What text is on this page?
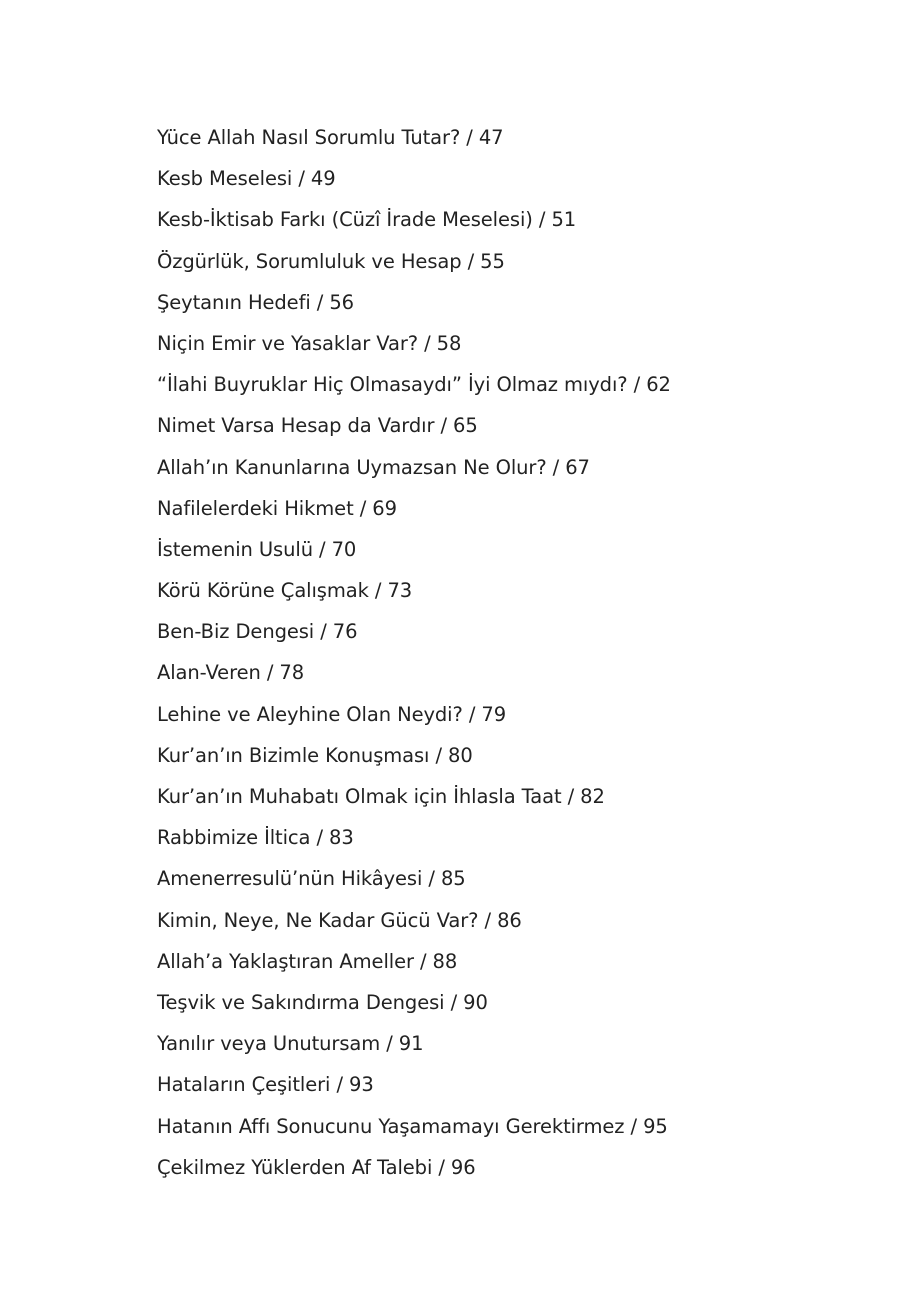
Yüce Allah Nasıl Sorumlu Tutar? / 47
Kesb Meselesi / 49
Kesb-İktisab Farkı (Cüzî İrade Meselesi) / 51
Özgürlük, Sorumluluk ve Hesap / 55
Şeytanın Hedefi / 56
Niçin Emir ve Yasaklar Var? / 58
“İlahi Buyruklar Hiç Olmasaydı” İyi Olmaz mıydı? / 62
Nimet Varsa Hesap da Vardır / 65
Allah’ın Kanunlarına Uymazsan Ne Olur? / 67
Nafilelerdeki Hikmet / 69
İstemenin Usulü / 70
Körü Körüne Çalışmak / 73
Ben-Biz Dengesi / 76
Alan-Veren / 78
Lehine ve Aleyhine Olan Neydi? / 79
Kur’an’ın Bizimle Konuşması / 80
Kur’an’ın Muhabatı Olmak için İhlasla Taat / 82
Rabbimize İltica / 83
Amenerresulü’nün Hikâyesi / 85
Kimin, Neye, Ne Kadar Gücü Var? / 86
Allah’a Yaklaştıran Ameller / 88
Teşvik ve Sakındırma Dengesi / 90
Yanılır veya Unutursam / 91
Hataların Çeşitleri / 93
Hatanın Affı Sonucunu Yaşamamayı Gerektirmez / 95
Çekilmez Yüklerden Af Talebi / 96
